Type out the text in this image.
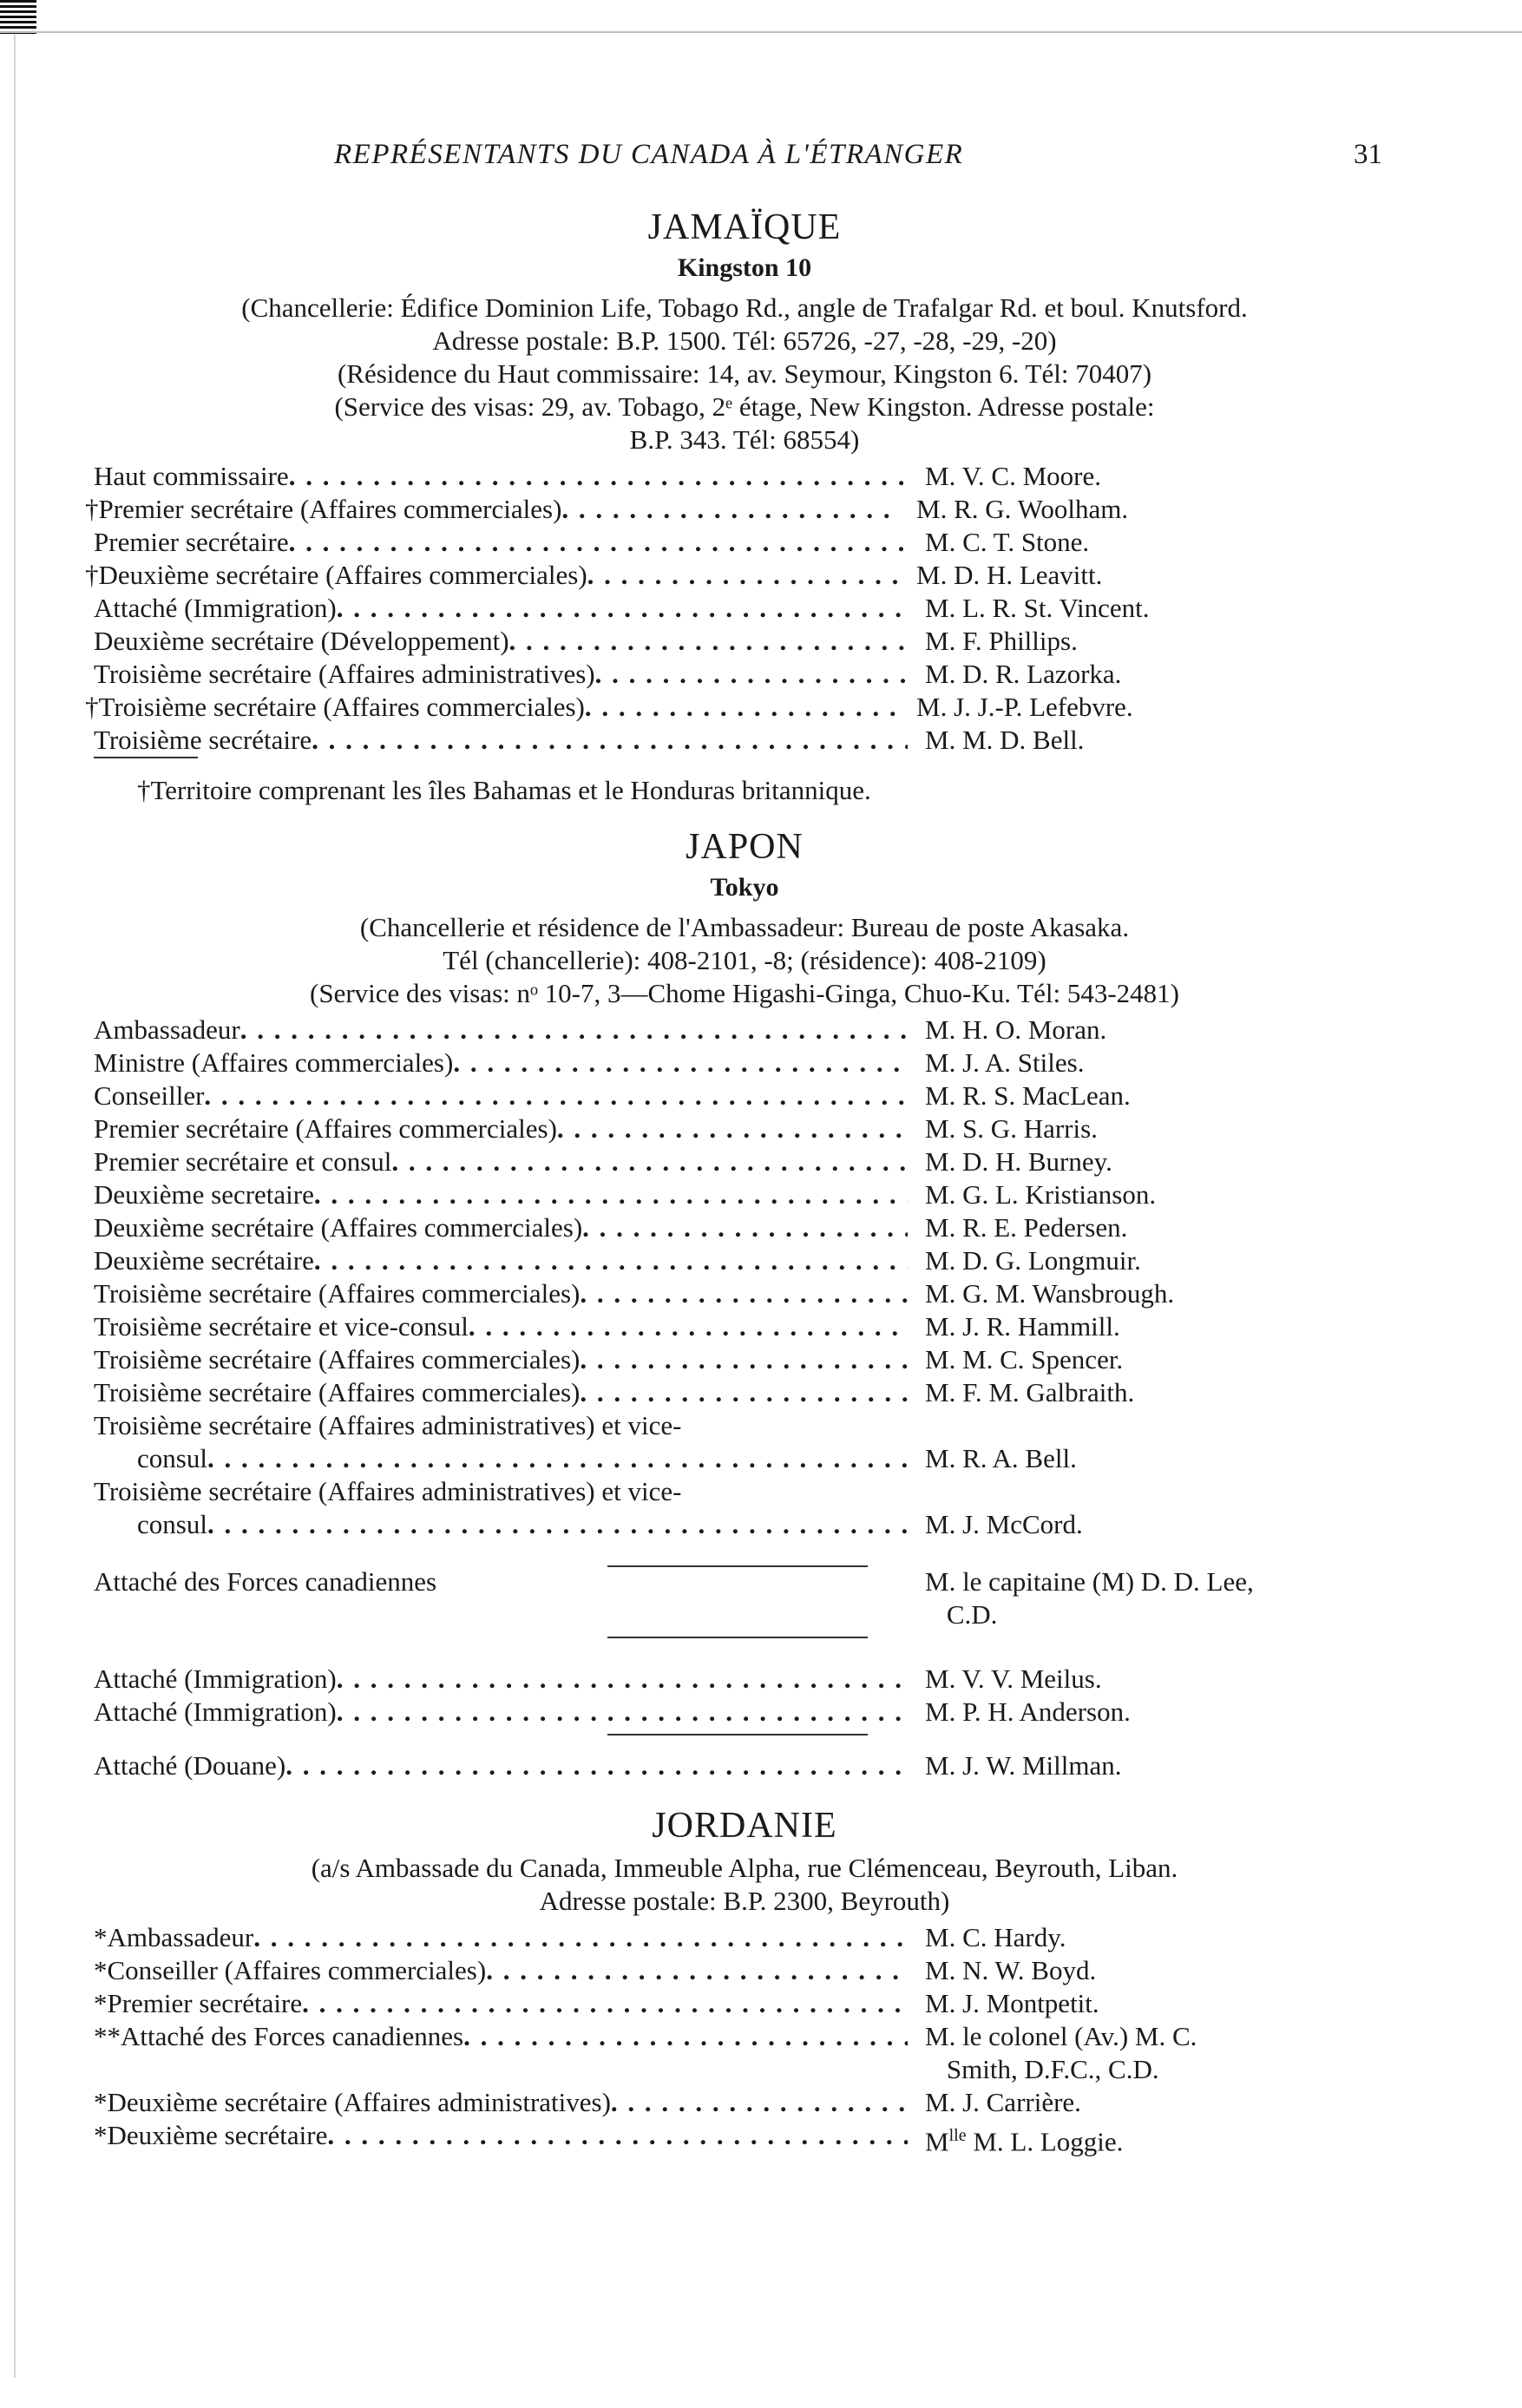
REPRÉSENTANTS DU CANADA À L'ÉTRANGER	31
JAMAÏQUE
Kingston 10

(Chancellerie: Édifice Dominion Life, Tobago Rd., angle de Trafalgar Rd. et boul. Knutsford.

Adresse postale: B.P. 1500. Tél: 65726, -27, -28, -29, -20)

(Résidence du Haut commissaire: 14, av. Seymour, Kingston 6. Tél: 70407)

(Service des visas: 29, av. Tobago, 2ᵉ étage, New Kingston. Adresse postale:

B.P. 343. Tél: 68554)

Haut commissaire . . .	M. V. C. Moore.
†Premier secrétaire (Affaires commerciales) . . .	M. R. G. Woolham.
Premier secrétaire . . .	M. C. T. Stone.
†Deuxième secrétaire (Affaires commerciales) . . .	M. D. H. Leavitt.
Attaché (Immigration) . . .	M. L. R. St. Vincent.
Deuxième secrétaire (Développement) . . .	M. F. Phillips.
Troisième secrétaire (Affaires administratives) . . .	M. D. R. Lazorka.
†Troisième secrétaire (Affaires commerciales) . . .	M. J. J.-P. Lefebvre.
Troisième secrétaire . . .	M. M. D. Bell.

†Territoire comprenant les îles Bahamas et le Honduras britannique.

JAPON
Tokyo

(Chancellerie et résidence de l'Ambassadeur: Bureau de poste Akasaka.

Tél (chancellerie): 408-2101, -8; (résidence): 408-2109)

(Service des visas: nᵒ 10-7, 3—Chome Higashi-Ginga, Chuo-Ku. Tél: 543-2481)

Ambassadeur . . .	M. H. O. Moran.
Ministre (Affaires commerciales) . . .	M. J. A. Stiles.
Conseiller . . .	M. R. S. MacLean.
Premier secrétaire (Affaires commerciales) . . .	M. S. G. Harris.
Premier secrétaire et consul . . .	M. D. H. Burney.
Deuxième secretaire . . .	M. G. L. Kristianson.
Deuxième secrétaire (Affaires commerciales) . . .	M. R. E. Pedersen.
Deuxième secrétaire . . .	M. D. G. Longmuir.
Troisième secrétaire (Affaires commerciales) . . .	M. G. M. Wansbrough.
Troisième secrétaire et vice-consul . . .	M. J. R. Hammill.
Troisième secrétaire (Affaires commerciales) . . .	M. M. C. Spencer.
Troisième secrétaire (Affaires commerciales) . . .	M. F. M. Galbraith.
Troisième secrétaire (Affaires administratives) et vice-
consul . . .	M. R. A. Bell.
Troisième secrétaire (Affaires administratives) et vice-
consul . . .	M. J. McCord.
Attaché des Forces canadiennes	M. le capitaine (M) D. D. Lee,
C.D.
Attaché (Immigration) . . .	M. V. V. Meilus.
Attaché (Immigration) . . .	M. P. H. Anderson.
Attaché (Douane) . . .	M. J. W. Millman.
JORDANIE

(a/s Ambassade du Canada, Immeuble Alpha, rue Clémenceau, Beyrouth, Liban.

Adresse postale: B.P. 2300, Beyrouth)

*Ambassadeur . . .	M. C. Hardy.
*Conseiller (Affaires commerciales) . . .	M. N. W. Boyd.
*Premier secrétaire . . .	M. J. Montpetit.
**Attaché des Forces canadiennes . . .	M. le colonel (Av.) M. C.
Smith, D.F.C., C.D.
*Deuxième secrétaire (Affaires administratives) . . .	M. J. Carrière.
*Deuxième secrétaire . . .	$M^{lle}$ M. L. Loggie.
